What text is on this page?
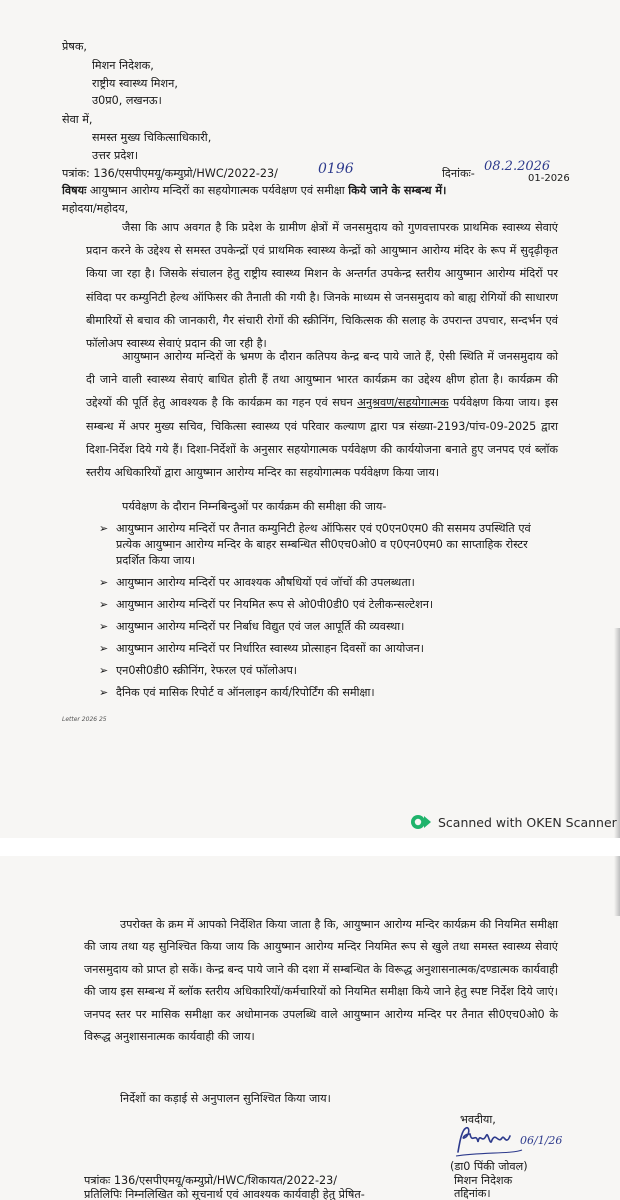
प्रेषक,
मिशन निदेशक,
राष्ट्रीय स्वास्थ्य मिशन,
उ0प्र0, लखनऊ।
सेवा में,
समस्त मुख्य चिकित्साधिकारी,
उत्तर प्रदेश।
पत्रांक: 136/एसपीएमयू/कम्युप्रो/HWC/2022-23/	0196	दिनांकः- 08.2.2026
01-2026
विषयः आयुष्मान आरोग्य मन्दिरों का सहयोगात्मक पर्यवेक्षण एवं समीक्षा किये जाने के सम्बन्ध में।
महोदया/महोदय,

जैसा कि आप अवगत है कि प्रदेश के ग्रामीण क्षेत्रों में जनसमुदाय को गुणवत्तापरक प्राथमिक स्वास्थ्य सेवाएं प्रदान करने के उद्देश्य से समस्त उपकेन्द्रों एवं प्राथमिक स्वास्थ्य केन्द्रों को आयुष्मान आरोग्य मंदिर के रूप में सुदृढ़ीकृत किया जा रहा है। जिसके संचालन हेतु राष्ट्रीय स्वास्थ्य मिशन के अन्तर्गत उपकेन्द्र स्तरीय आयुष्मान आरोग्य मंदिरों पर संविदा पर कम्युनिटी हेल्थ ऑफिसर की तैनाती की गयी है। जिनके माध्यम से जनसमुदाय को बाह्य रोगियों की साधारण बीमारियों से बचाव की जानकारी, गैर संचारी रोगों की स्क्रीनिंग, चिकित्सक की सलाह के उपरान्त उपचार, सन्दर्भन एवं फॉलोअप स्वास्थ्य सेवाएं प्रदान की जा रही है।

आयुष्मान आरोग्य मन्दिरों के भ्रमण के दौरान कतिपय केन्द्र बन्द पाये जाते हैं, ऐसी स्थिति में जनसमुदाय को दी जाने वाली स्वास्थ्य सेवाएं बाधित होती हैं तथा आयुष्मान भारत कार्यक्रम का उद्देश्य क्षीण होता है। कार्यक्रम की उद्देश्यों की पूर्ति हेतु आवश्यक है कि कार्यक्रम का गहन एवं सघन अनुश्रवण/सहयोगात्मक पर्यवेक्षण किया जाय। इस सम्बन्ध में अपर मुख्य सचिव, चिकित्सा स्वास्थ्य एवं परिवार कल्याण द्वारा पत्र संख्या-2193/पांच-09-2025 द्वारा दिशा-निर्देश दिये गये हैं। दिशा-निर्देशों के अनुसार सहयोगात्मक पर्यवेक्षण की कार्ययोजना बनाते हुए जनपद एवं ब्लॉक स्तरीय अधिकारियों द्वारा आयुष्मान आरोग्य मन्दिर का सहयोगात्मक पर्यवेक्षण किया जाय।

पर्यवेक्षण के दौरान निम्नबिन्दुओं पर कार्यक्रम की समीक्षा की जाय-
➢ आयुष्मान आरोग्य मन्दिरों पर तैनात कम्युनिटी हेल्थ ऑफिसर एवं ए0एन0एम0 की ससमय उपस्थिति एवं प्रत्येक आयुष्मान आरोग्य मन्दिर के बाहर सम्बन्धित सी0एच0ओ0 व ए0एन0एम0 का साप्ताहिक रोस्टर प्रदर्शित किया जाय।
➢ आयुष्मान आरोग्य मन्दिरों पर आवश्यक औषधियों एवं जॉचों की उपलब्धता।
➢ आयुष्मान आरोग्य मन्दिरों पर नियमित रूप से ओ0पी0डी0 एवं टेलीकन्सल्टेशन।
➢ आयुष्मान आरोग्य मन्दिरों पर निर्बाध विद्युत एवं जल आपूर्ति की व्यवस्था।
➢ आयुष्मान आरोग्य मन्दिरों पर निर्धारित स्वास्थ्य प्रोत्साहन दिवसों का आयोजन।
➢ एन0सी0डी0 स्क्रीनिंग, रेफरल एवं फॉलोअप।
➢ दैनिक एवं मासिक रिपोर्ट व ऑनलाइन कार्य/रिपोर्टिंग की समीक्षा।
Letter 2026 25
Scanned with OKEN Scanner

उपरोक्त के क्रम में आपको निर्देशित किया जाता है कि, आयुष्मान आरोग्य मन्दिर कार्यक्रम की नियमित समीक्षा की जाय तथा यह सुनिश्चित किया जाय कि आयुष्मान आरोग्य मन्दिर नियमित रूप से खुले तथा समस्त स्वास्थ्य सेवाएं जनसमुदाय को प्राप्त हो सकें। केन्द्र बन्द पाये जाने की दशा में सम्बन्धित के विरूद्ध अनुशासनात्मक/दण्डात्मक कार्यवाही की जाय इस सम्बन्ध में ब्लॉक स्तरीय अधिकारियों/कर्मचारियों को नियमित समीक्षा किये जाने हेतु स्पष्ट निर्देश दिये जाएं। जनपद स्तर पर मासिक समीक्षा कर अधोमानक उपलब्धि वाले आयुष्मान आरोग्य मन्दिर पर तैनात सी0एच0ओ0 के विरूद्ध अनुशासनात्मक कार्यवाही की जाय।

निर्देशों का कड़ाई से अनुपालन सुनिश्चित किया जाय।
भवदीया,
06/1/26
(डा0 पिंकी जोवल)
मिशन निदेशक
तद्दिनांक।
पत्रांकः 136/एसपीएमयू/कम्युप्रो/HWC/शिकायत/2022-23/
प्रतिलिपिः निम्नलिखित को सूचनार्थ एवं आवश्यक कार्यवाही हेतु प्रेषित-
